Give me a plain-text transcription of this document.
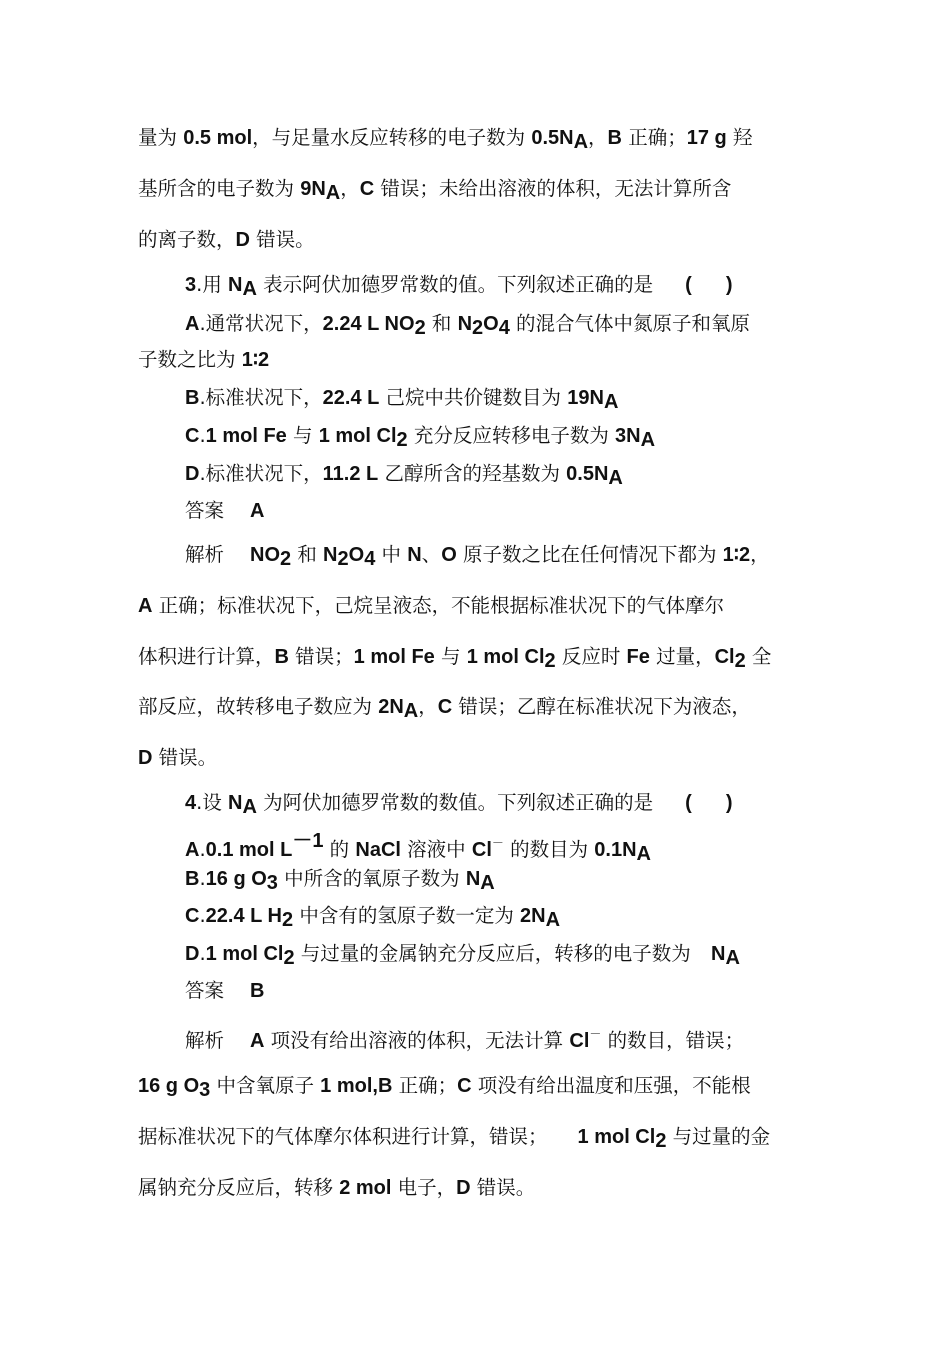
量为 0.5 mol，与足量水反应转移的电子数为 $0.5N_A$，B 正确；17 g 羟
基所含的电子数为 $9N_A$，C 错误；未给出溶液的体积，无法计算所含
的离子数，D 错误。
3.用 $N_A$ 表示阿伏加德罗常数的值。下列叙述正确的是 ( )
A.通常状况下，2.24 L $NO_2$ 和 $N_2O_4$ 的混合气体中氮原子和氧原
子数之比为 1∶2
B.标准状况下，22.4 L 己烷中共价键数目为 $19N_A$
C.1 mol Fe 与 1 mol $Cl_2$ 充分反应转移电子数为 $3N_A$
D.标准状况下，11.2 L 乙醇所含的羟基数为 $0.5N_A$
答案 A
解析 $NO_2$ 和 $N_2O_4$ 中 N、O 原子数之比在任何情况下都为 1∶2，
A 正确；标准状况下，己烷呈液态，不能根据标准状况下的气体摩尔
体积进行计算，B 错误；1 mol Fe 与 1 mol $Cl_2$ 反应时 Fe 过量，$Cl_2$ 全
部反应，故转移电子数应为 $2N_A$，C 错误；乙醇在标准状况下为液态，
D 错误。
4.设 $N_A$ 为阿伏加德罗常数的数值。下列叙述正确的是 ( )
A.0.1 mol $L^{-1}$ 的 NaCl 溶液中 Cl－ 的数目为 $0.1N_A$
B.16 g $O_3$ 中所含的氧原子数为 $N_A$
C.22.4 L $H_2$ 中含有的氢原子数一定为 $2N_A$
D.1 mol $Cl_2$ 与过量的金属钠充分反应后，转移的电子数为 $N_A$
答案 B
解析 A 项没有给出溶液的体积，无法计算 Cl－ 的数目，错误；
16 g $O_3$ 中含氧原子 1 mol,B 正确；C 项没有给出温度和压强，不能根
据标准状况下的气体摩尔体积进行计算，错误； 1 mol $Cl_2$ 与过量的金
属钠充分反应后，转移 2 mol 电子，D 错误。
